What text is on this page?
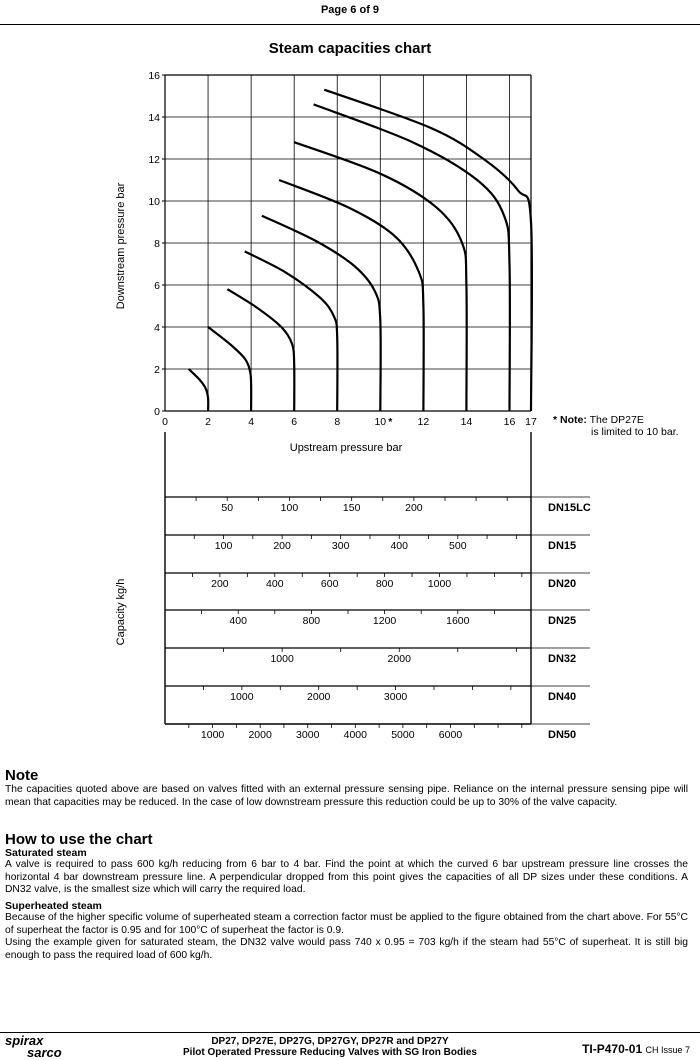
Page 6 of 9
Steam capacities chart
0	2	4	6	8	10 * 12	14	16 17
0
2
4
6
8
10
12
14
16
DN15LC
50	100	150	200
DN15
100	200	300	400	500
DN20
200	400	600	800	1000
DN25
400	800	1200	1600
DN32
1000	2000
DN40
1000	2000	3000
DN50
1000 2000 3000 4000 5000 6000
Downstream pressure bar
Upstream pressure bar
Capacity kg/h
* Note: The DP27E
is limited to 10 bar.
Note
The capacities quoted above are based on valves fitted with an external pressure sensing pipe. Reliance on the internal pressure sensing pipe will mean that capacities may be reduced. In the case of low downstream pressure this reduction could be up to 30% of the valve capacity.
How to use the chart
Saturated steam
A valve is required to pass 600 kg/h reducing from 6 bar to 4 bar. Find the point at which the curved 6 bar upstream pressure line crosses the horizontal 4 bar downstream pressure line. A perpendicular dropped from this point gives the capacities of all DP sizes under these conditions. A DN32 valve, is the smallest size which will carry the required load.
Superheated steam
Because of the higher specific volume of superheated steam a correction factor must be applied to the figure obtained from the chart above. For 55°C of superheat the factor is 0.95 and for 100°C of superheat the factor is 0.9.
Using the example given for saturated steam, the DN32 valve would pass 740 x 0.95 = 703 kg/h if the steam had 55°C of superheat. It is still big enough to pass the required load of 600 kg/h.
spirax
sarco
DP27, DP27E, DP27G, DP27GY, DP27R and DP27Y
Pilot Operated Pressure Reducing Valves with SG Iron Bodies	TI-P470-01 CH Issue 7
